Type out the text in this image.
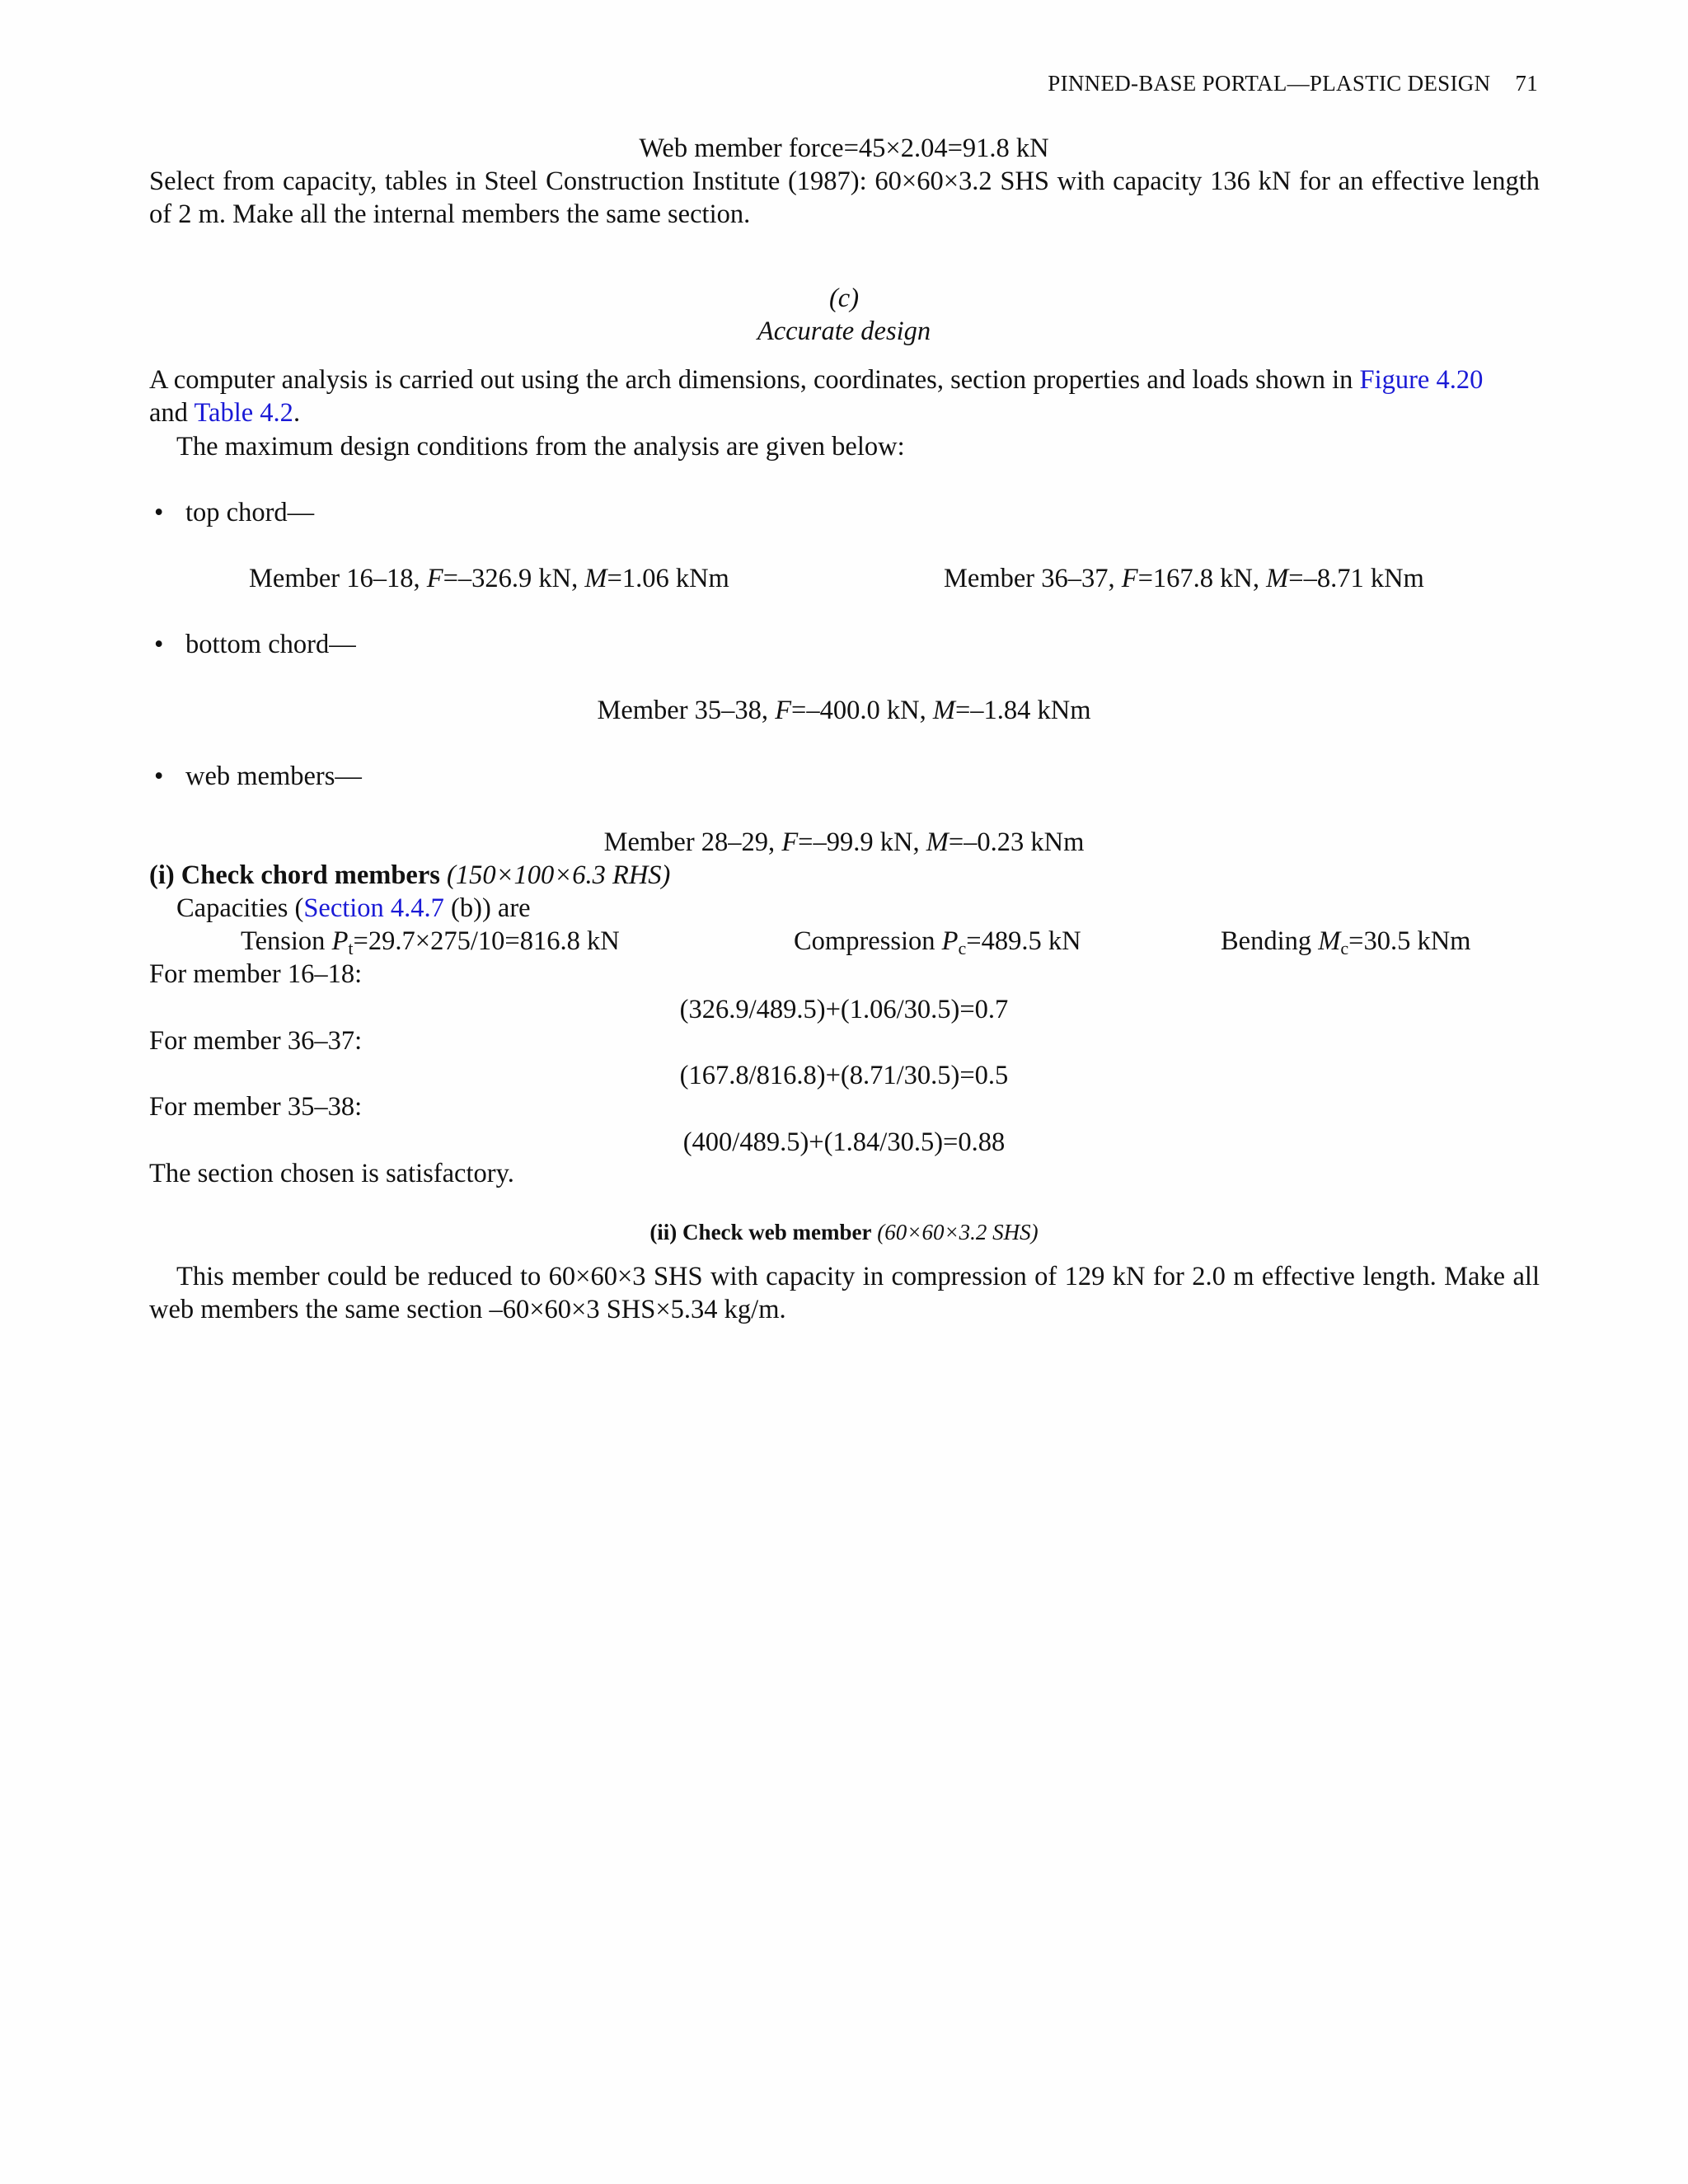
PINNED-BASE PORTAL—PLASTIC DESIGN 71
Web member force=45×2.04=91.8 kN
Select from capacity, tables in Steel Construction Institute (1987): 60×60×3.2 SHS with capacity 136 kN for an effective length of 2 m. Make all the internal members the same section.
(c)
Accurate design
A computer analysis is carried out using the arch dimensions, coordinates, section properties and loads shown in Figure 4.20
and Table 4.2.
The maximum design conditions from the analysis are given below:
• top chord—
Member 16–18, F=–326.9 kN, M=1.06 kNm	Member 36–37, F=167.8 kN, M=–8.71 kNm
• bottom chord—
Member 35–38, F=–400.0 kN, M=–1.84 kNm
• web members—
Member 28–29, F=–99.9 kN, M=–0.23 kNm
(i) Check chord members (150×100×6.3 RHS)
Capacities (Section 4.4.7 (b)) are
Tension $P_t=29.7\times 275/10=816.8$ kN	Compression $P_c=489.5$ kN	Bending $M_c=30.5$ kNm
For member 16–18:
(326.9/489.5)+(1.06/30.5)=0.7
For member 36–37:
(167.8/816.8)+(8.71/30.5)=0.5
For member 35–38:
(400/489.5)+(1.84/30.5)=0.88
The section chosen is satisfactory.
(ii) Check web member (60×60×3.2 SHS)
This member could be reduced to 60×60×3 SHS with capacity in compression of 129 kN for 2.0 m effective length. Make all web members the same section –60×60×3 SHS×5.34 kg/m.
